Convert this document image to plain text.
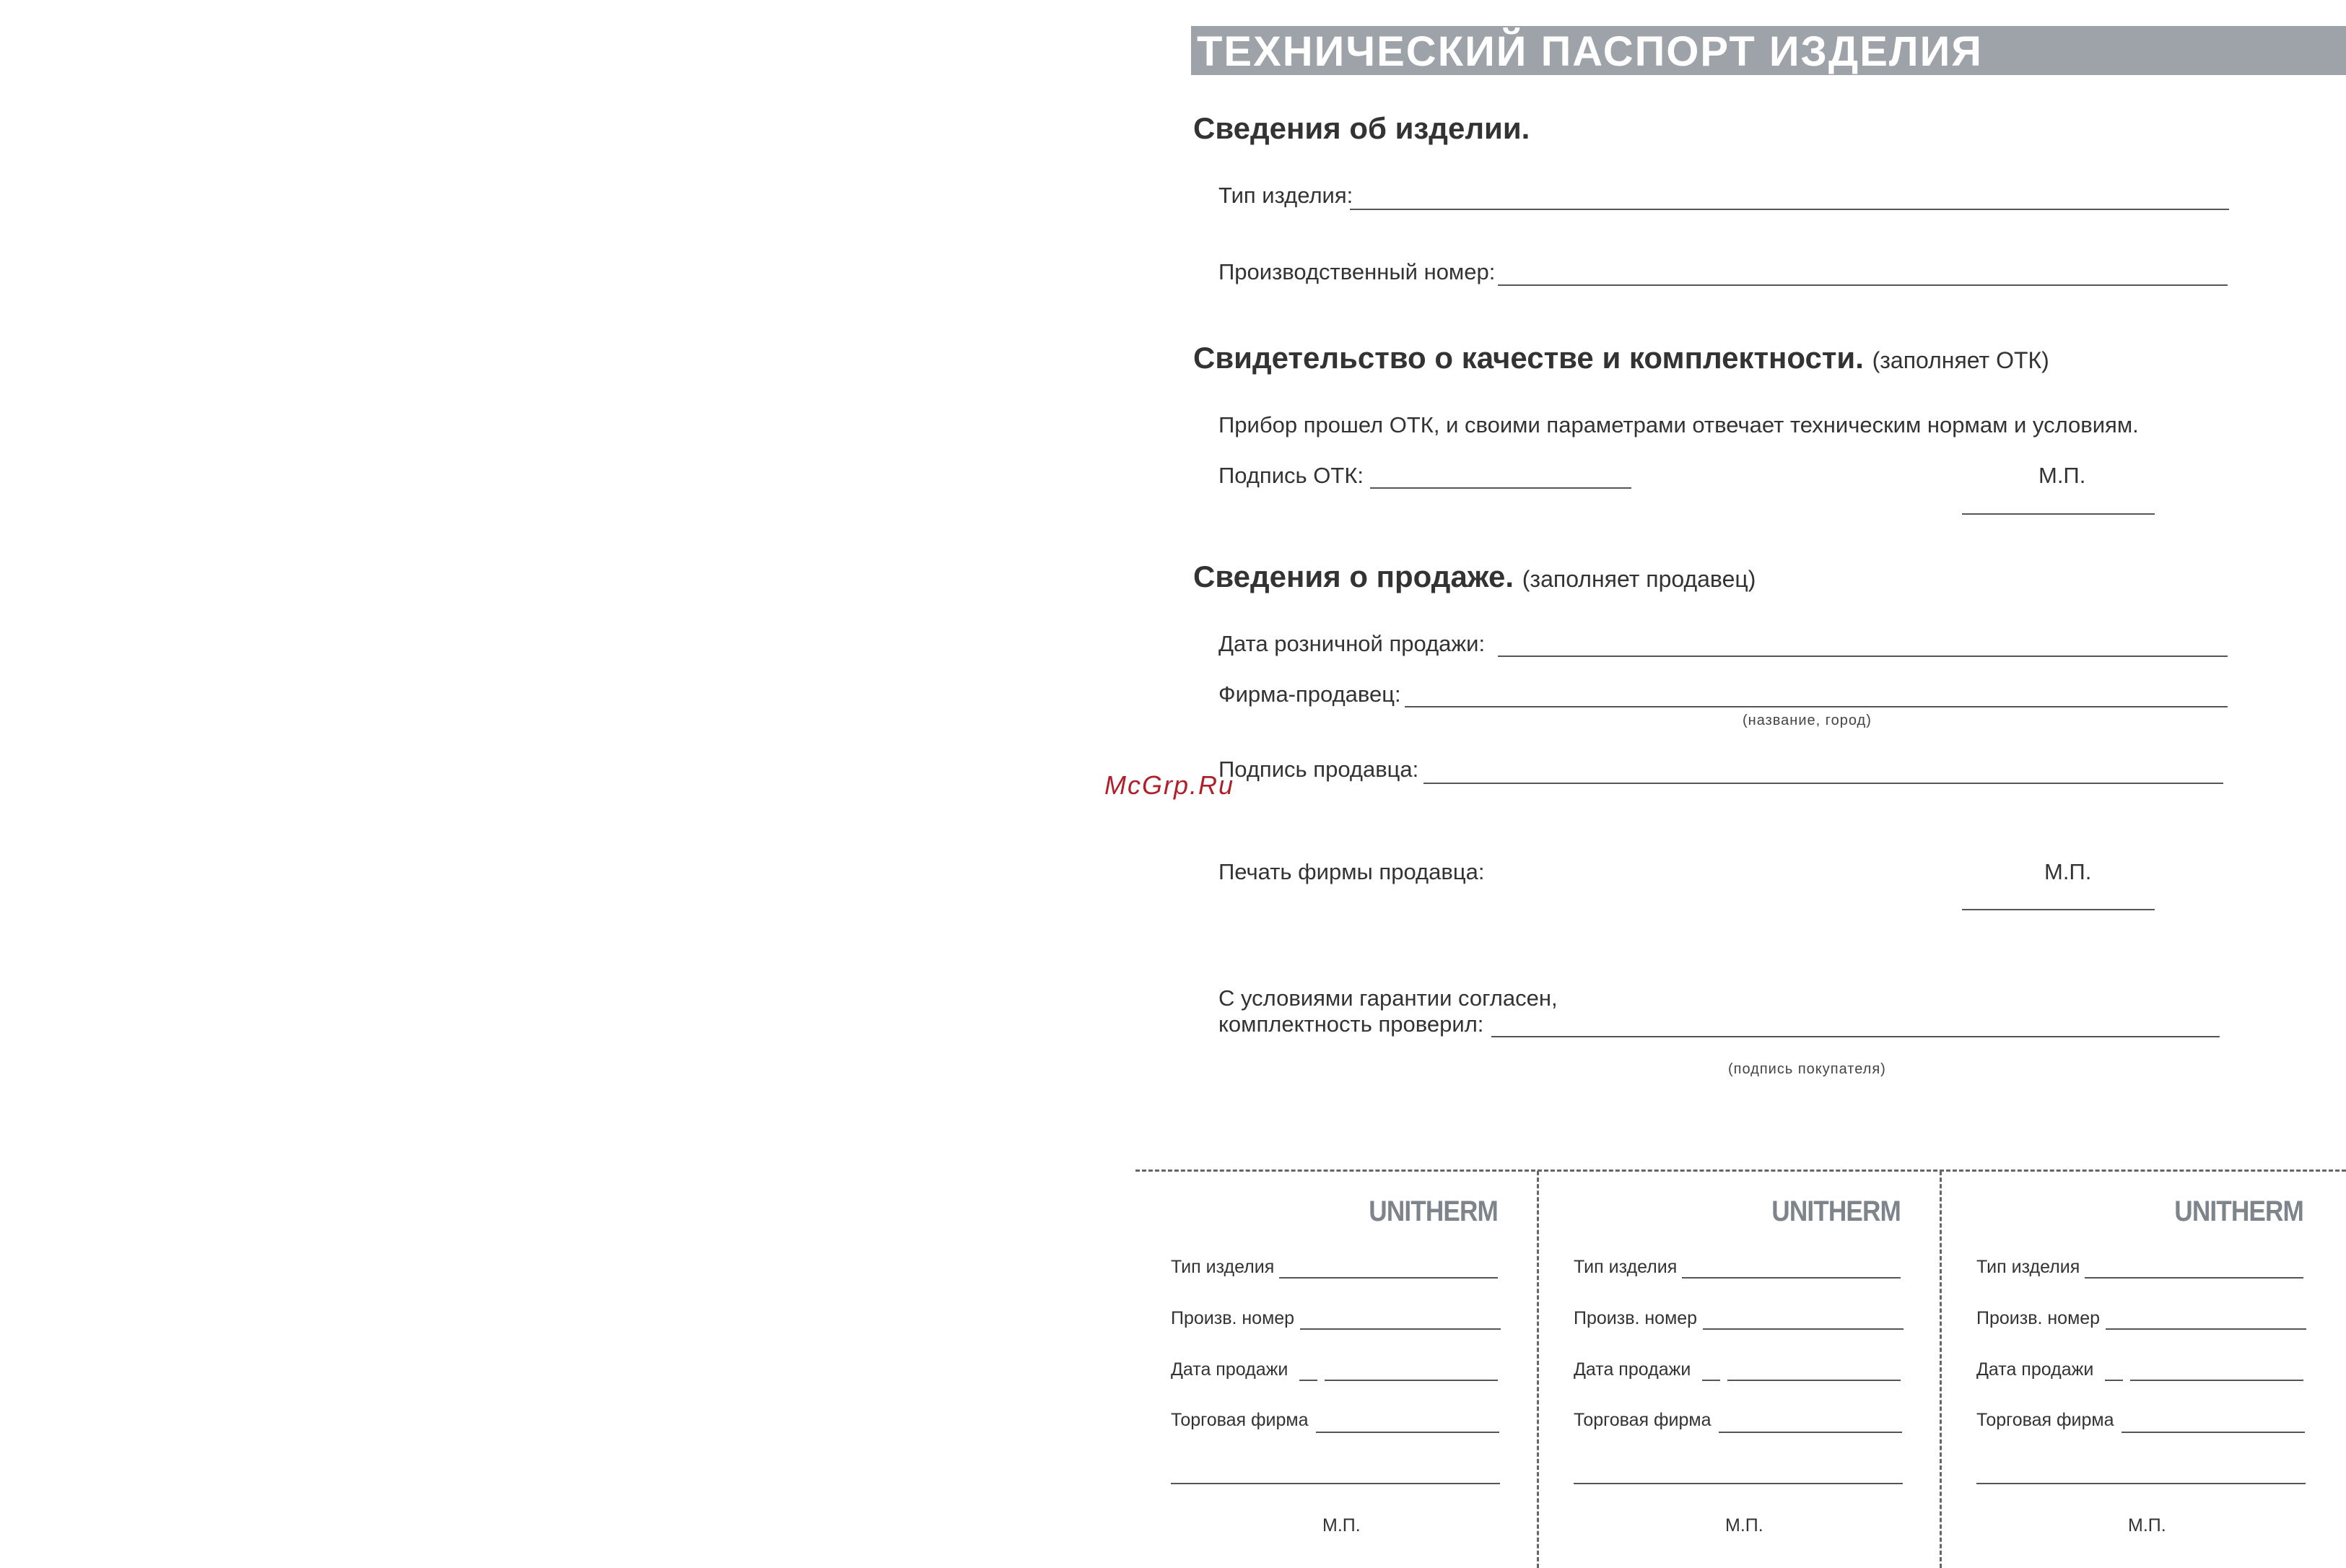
ТЕХНИЧЕСКИЙ ПАСПОРТ ИЗДЕЛИЯ
Сведения об изделии.
Тип изделия:
Производственный номер:
Свидетельство о качестве и комплектности. (заполняет ОТК)
Прибор прошел ОТК, и своими параметрами отвечает техническим нормам и условиям.
Подпись ОТК:	М.П.
Сведения о продаже. (заполняет продавец)
Дата розничной продажи:
Фирма-продавец:
(название, город)
McGrp.Ru
Подпись продавца:
Печать фирмы продавца:	М.П.
С условиями гарантии согласен,
комплектность проверил:
(подпись покупателя)
UNITHERM
Тип изделия
Произв. номер
Дата продажи
Торговая фирма
М.П.
UNITHERM
Тип изделия
Произв. номер
Дата продажи
Торговая фирма
М.П.
UNITHERM
Тип изделия
Произв. номер
Дата продажи
Торговая фирма
М.П.
